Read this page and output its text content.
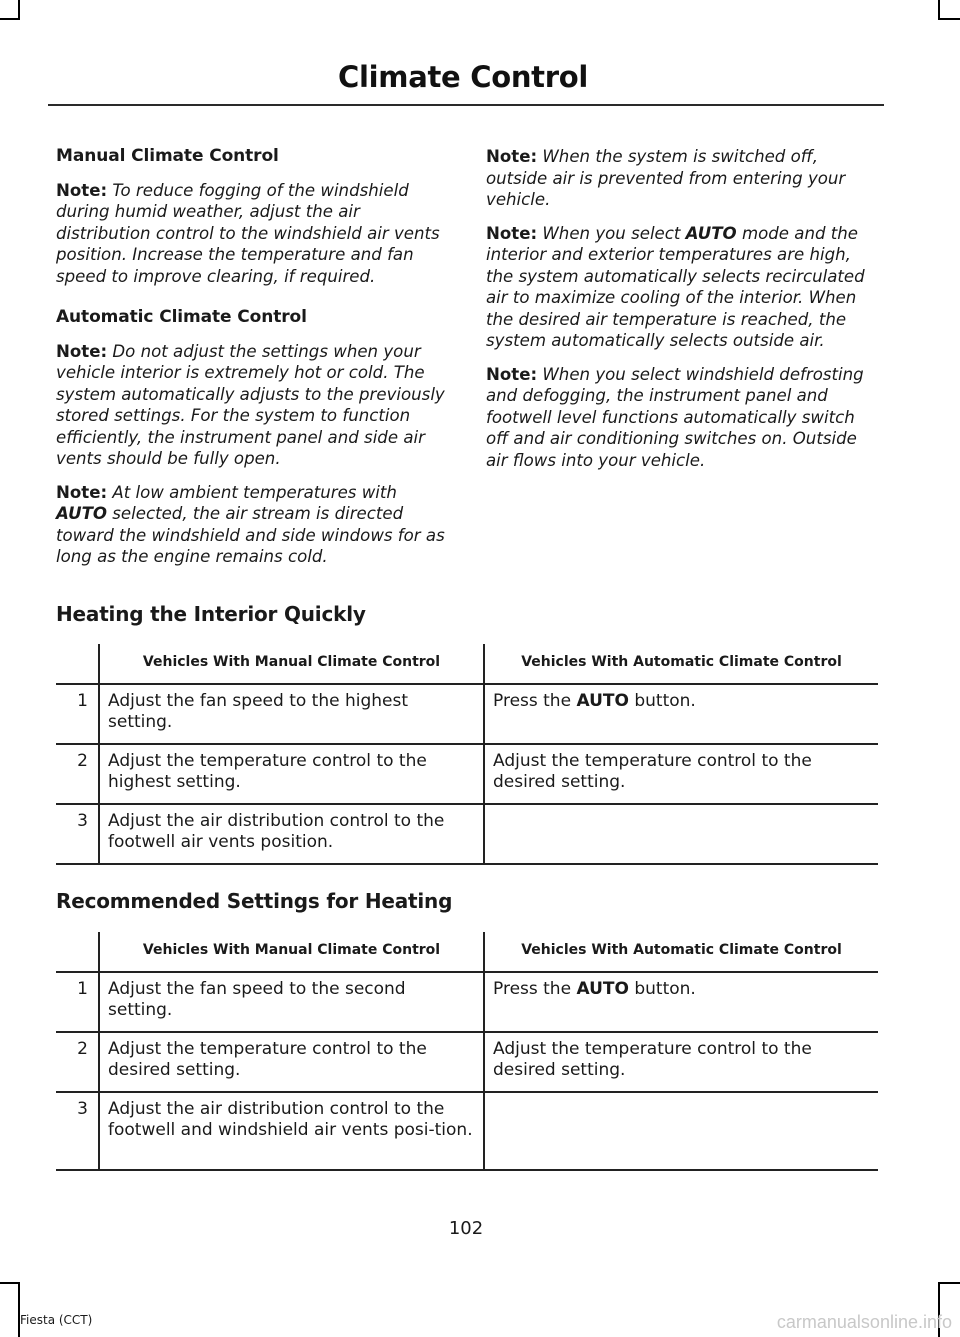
Climate Control
Manual Climate Control

Note: To reduce fogging of the windshield during humid weather, adjust the air distribution control to the windshield air vents position. Increase the temperature and fan speed to improve clearing, if required.

Automatic Climate Control

Note: Do not adjust the settings when your vehicle interior is extremely hot or cold. The system automatically adjusts to the previously stored settings. For the system to function efficiently, the instrument panel and side air vents should be fully open.

Note: At low ambient temperatures with AUTO selected, the air stream is directed toward the windshield and side windows for as long as the engine remains cold.

Note: When the system is switched off, outside air is prevented from entering your vehicle.

Note: When you select AUTO mode and the interior and exterior temperatures are high, the system automatically selects recirculated air to maximize cooling of the interior. When the desired air temperature is reached, the system automatically selects outside air.

Note: When you select windshield defrosting and defogging, the instrument panel and footwell level functions automatically switch off and air conditioning switches on. Outside air flows into your vehicle.

Heating the Interior Quickly
	Vehicles With Manual Climate Control	Vehicles With Automatic Climate Control
1	Adjust the fan speed to the highest setting.	Press the AUTO button.
2	Adjust the temperature control to the highest setting.	Adjust the temperature control to the desired setting.
3	Adjust the air distribution control to the footwell air vents position.	
Recommended Settings for Heating
	Vehicles With Manual Climate Control	Vehicles With Automatic Climate Control
1	Adjust the fan speed to the second setting.	Press the AUTO button.
2	Adjust the temperature control to the desired setting.	Adjust the temperature control to the desired setting.
3	Adjust the air distribution control to the footwell and windshield air vents posi-tion.	
102
Fiesta (CCT)	carmanualsonline.info
